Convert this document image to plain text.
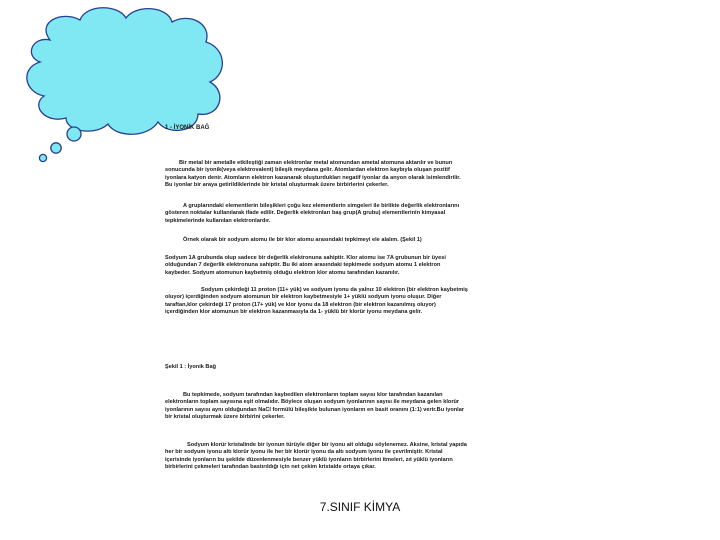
1 - İYONİK BAĞ
Bir metal bir ametalle etkileştiği zaman elektronlar metal atomundan ametal atomuna aktarılır ve bunun
sonucunda bir iyonik(veya elektrovalent) bileşik meydana gelir. Atomlardan elektron kaybıyla oluşan pozitif
iyonlara katyon denir. Atomların elektron kazanarak oluşturdukları negatif iyonlar da anyon olarak isimlendirilir.
Bu iyonlar bir araya getirildiklerinde bir kristal oluşturmak üzere birbirlerini çekerler.
A gruplarındaki elementlerin bileşikleri çoğu kez elementlerin simgeleri ile birlikte değerlik elektronlarını
gösteren noktalar kullanılarak ifade edilir. Değerlik elektronları baş grup(A grubu) elementlerinin kimyasal
tepkimelerinde kullanılan elektronlardır.
Örnek olarak bir sodyum atomu ile bir klor atomu arasındaki tepkimeyi ele alalım. (Şekil 1)
Sodyum 1A grubunda olup sadece bir değerlik elektronuna sahiptir. Klor atomu ise 7A grubunun bir üyesi
olduğundan 7 değerlik elektronuna sahiptir. Bu iki atom arasındaki tepkimede sodyum atomu 1 elektron
kaybeder. Sodyum atomunun kaybetmiş olduğu elektron klor atomu tarafından kazanılır.
Sodyum çekirdeği 11 proton (11+ yük) ve sodyum iyonu da yalnız 10 elektron (bir elektron kaybetmiş
oluyor) içerdiğinden sodyum atomunun bir elektron kaybetmesiyle 1+ yüklü sodyum iyonu oluşur. Diğer
taraftan,klor çekirdeği 17 proton (17+ yük) ve klor iyonu da 18 elektron (bir elektron kazanılmış oluyor)
içerdiğinden klor atomunun bir elektron kazanmasıyla da 1- yüklü bir klorür iyonu meydana gelir.
Şekil 1 : İyonik Bağ
Bu tepkimede, sodyum tarafından kaybedilen elektronların toplam sayısı klor tarafından kazanılan
elektronların toplam sayısına eşit olmalıdır. Böylece oluşan sodyum iyonlarının sayısı ile meydana gelen klorür
iyonlarının sayısı aynı olduğundan NaCl formülü bileşikte bulunan iyonların en basit oranını (1:1) verir.Bu iyonlar
bir kristal oluşturmak üzere birbirini çekerler.
Sodyum klorür kristalinde bir iyonun türüyle diğer bir iyonu ait olduğu söylenemez. Aksine, kristal yapıda
her bir sodyum iyonu altı klorür iyonu ile her bir klorür iyonu da altı sodyum iyonu ile çevrilmiştir. Kristal
içerisinde iyonların bu şekilde düzenlenmesiyle benzer yüklü iyonların birbirlerini itmeleri, zıt yüklü iyonların
birbirlerini çekmeleri tarafından bastırıldığı için net çekim kristalde ortaya çıkar.
7.SINIF KİMYA
